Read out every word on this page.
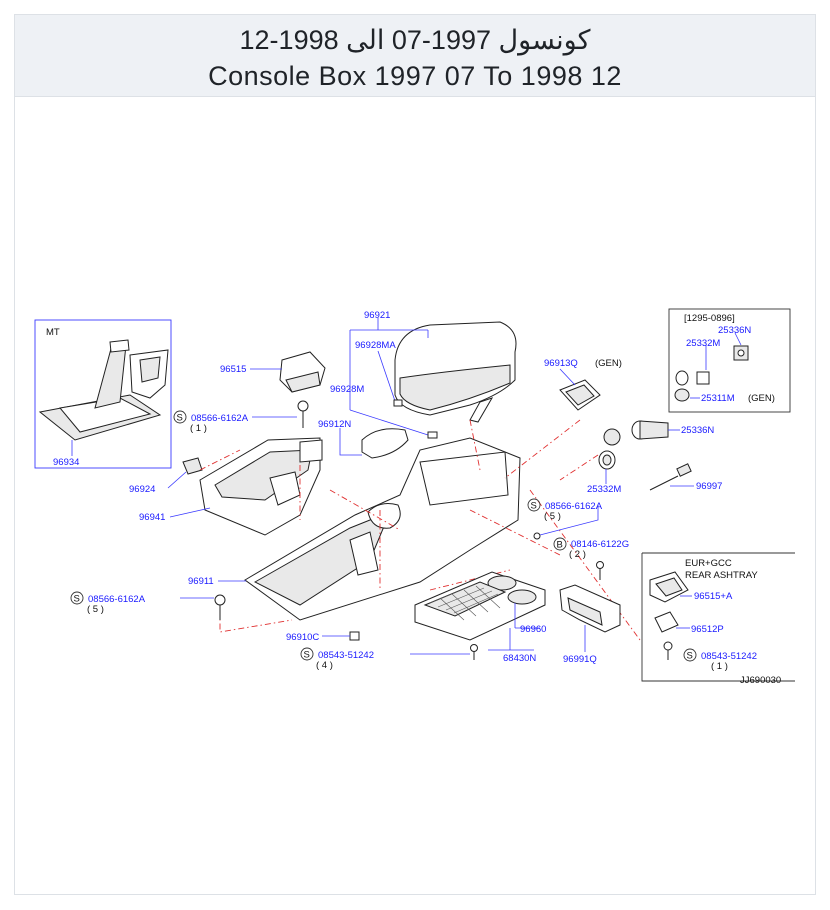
كونسول 1997-07 الى 1998-12
Console Box 1997 07 To 1998 12
MT
96934
96921
96928MA
96928M
96515
S 08566-6162A
( 1 )	96912N
96924
96941
96911
S 08566-6162A
( 5 )
96910C
S 08543-51242
( 4 )
96960
68430N	96991Q
B 08146-6122G
( 2 )
S 08566-6162A
( 5 )
96913Q (GEN)
[1295-0896]
25336N
25332M
25311M (GEN)
25336N
25332M	96997
EUR+GCC
REAR ASHTRAY
96515+A
96512P
S 08543-51242
( 1 )
JJ690030
